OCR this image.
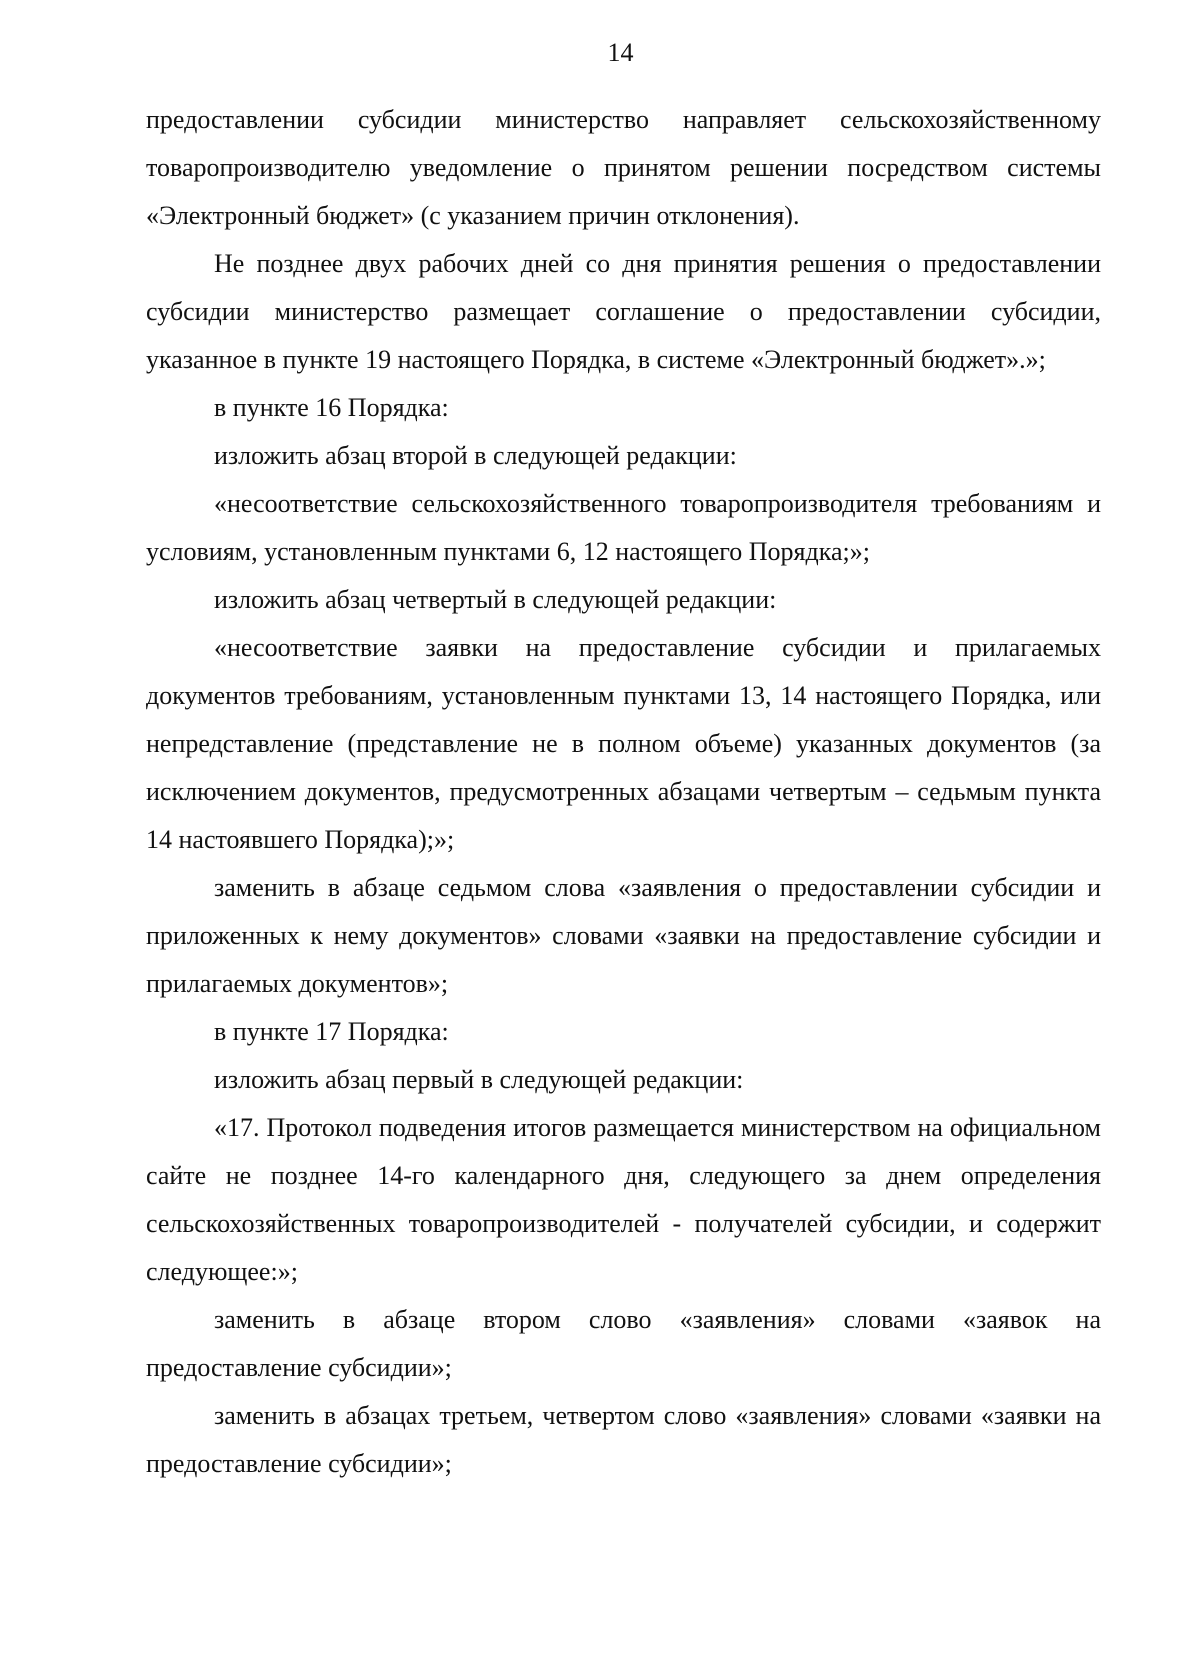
14

предоставлении субсидии министерство направляет сельскохозяйственному товаропроизводителю уведомление о принятом решении посредством системы «Электронный бюджет» (с указанием причин отклонения).

Не позднее двух рабочих дней со дня принятия решения о предоставлении субсидии министерство размещает соглашение о предоставлении субсидии, указанное в пункте 19 настоящего Порядка, в системе «Электронный бюджет».»;

в пункте 16 Порядка:

изложить абзац второй в следующей редакции:

«несоответствие сельскохозяйственного товаропроизводителя требованиям и условиям, установленным пунктами 6, 12 настоящего Порядка;»;

изложить абзац четвертый в следующей редакции:

«несоответствие заявки на предоставление субсидии и прилагаемых документов требованиям, установленным пунктами 13, 14 настоящего Порядка, или непредставление (представление не в полном объеме) указанных документов (за исключением документов, предусмотренных абзацами четвертым – седьмым пункта 14 настоявшего Порядка);»;

заменить в абзаце седьмом слова «заявления о предоставлении субсидии и приложенных к нему документов» словами «заявки на предоставление субсидии и прилагаемых документов»;

в пункте 17 Порядка:

изложить абзац первый в следующей редакции:

«17. Протокол подведения итогов размещается министерством на официальном сайте не позднее 14-го календарного дня, следующего за днем определения сельскохозяйственных товаропроизводителей - получателей субсидии, и содержит следующее:»;

заменить в абзаце втором слово «заявления» словами «заявок на предоставление субсидии»;

заменить в абзацах третьем, четвертом слово «заявления» словами «заявки на предоставление субсидии»;
